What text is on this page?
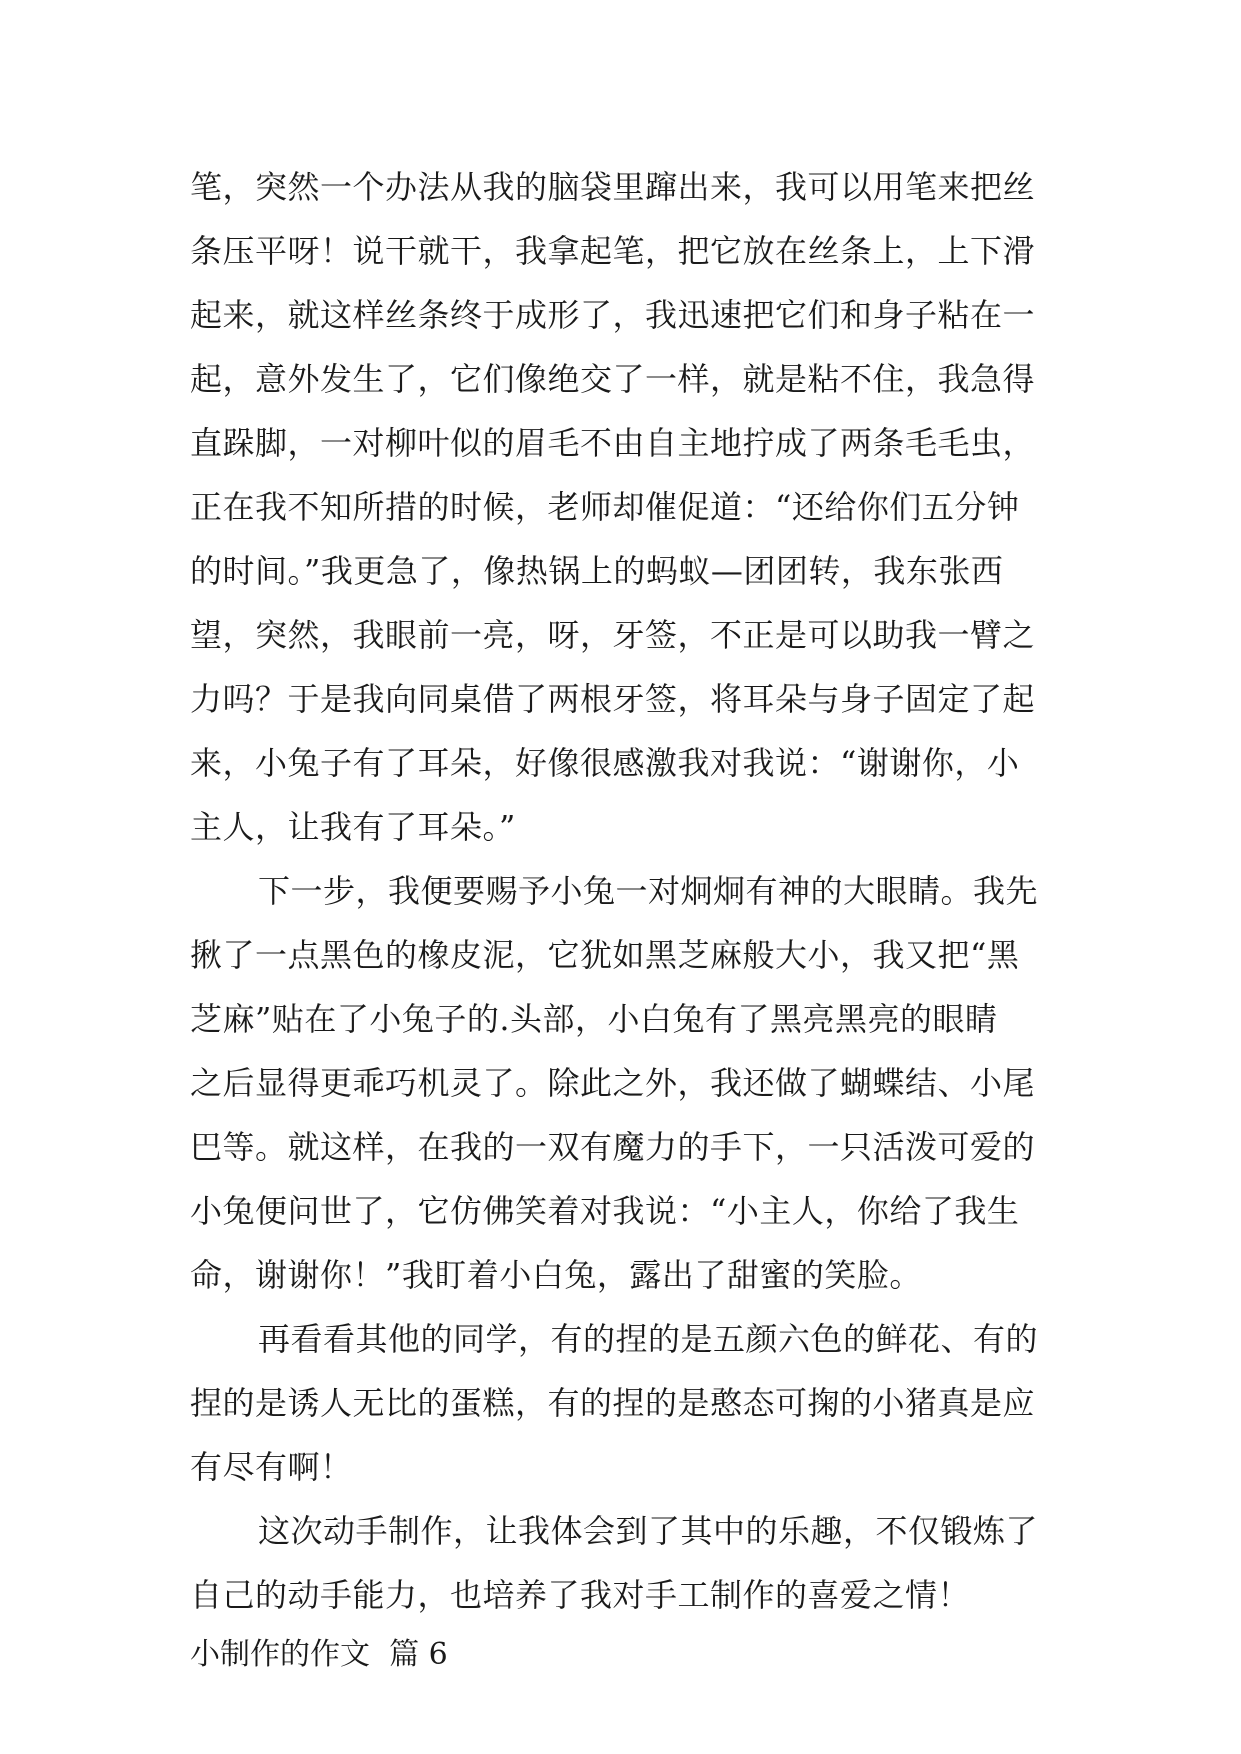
笔，突然一个办法从我的脑袋里蹿出来，我可以用笔来把丝
条压平呀！说干就干，我拿起笔，把它放在丝条上，上下滑
起来，就这样丝条终于成形了，我迅速把它们和身子粘在一
起，意外发生了，它们像绝交了一样，就是粘不住，我急得
直跺脚，一对柳叶似的眉毛不由自主地拧成了两条毛毛虫，
正在我不知所措的时候，老师却催促道：“还给你们五分钟
的时间。”我更急了，像热锅上的蚂蚁—团团转，我东张西
望，突然，我眼前一亮，呀，牙签，不正是可以助我一臂之
力吗？于是我向同桌借了两根牙签，将耳朵与身子固定了起
来，小兔子有了耳朵，好像很感激我对我说：“谢谢你，小
主人，让我有了耳朵。”
下一步，我便要赐予小兔一对炯炯有神的大眼睛。我先
揪了一点黑色的橡皮泥，它犹如黑芝麻般大小，我又把“黑
芝麻”贴在了小兔子的.头部，小白兔有了黑亮黑亮的眼睛
之后显得更乖巧机灵了。除此之外，我还做了蝴蝶结、小尾
巴等。就这样，在我的一双有魔力的手下，一只活泼可爱的
小兔便问世了，它仿佛笑着对我说：“小主人，你给了我生
命，谢谢你！”我盯着小白兔，露出了甜蜜的笑脸。
再看看其他的同学，有的捏的是五颜六色的鲜花、有的
捏的是诱人无比的蛋糕，有的捏的是憨态可掬的小猪真是应
有尽有啊！
这次动手制作，让我体会到了其中的乐趣，不仅锻炼了
自己的动手能力，也培养了我对手工制作的喜爱之情！
小制作的作文  篇 6
